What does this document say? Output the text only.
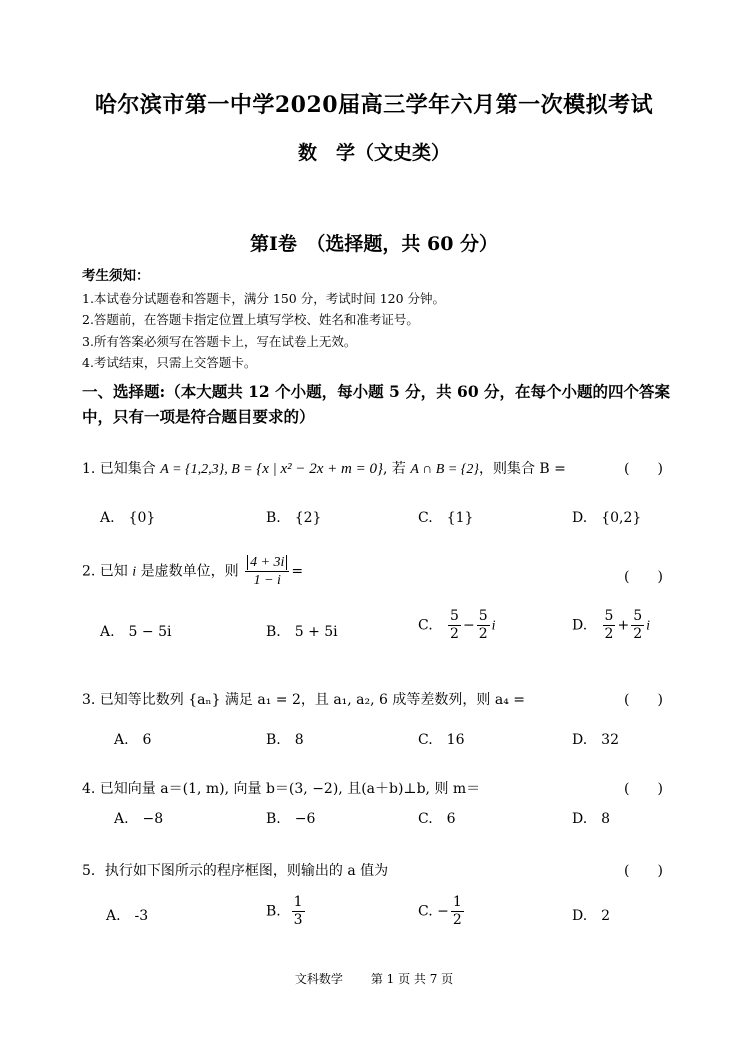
哈尔滨市第一中学2020届高三学年六月第一次模拟考试
数　学（文史类）
第Ⅰ卷　（选择题，共 60 分）
考生须知：
1.本试卷分试题卷和答题卡，满分 150 分，考试时间 120 分钟。
2.答题前，在答题卡指定位置上填写学校、姓名和准考证号。
3.所有答案必须写在答题卡上，写在试卷上无效。
4.考试结束，只需上交答题卡。
一、选择题:（本大题共 12 个小题，每小题 5 分，共 60 分，在每个小题的四个答案中，只有一项是符合题目要求的）
1. 已知集合 A = {1,2,3}, B = {x | x² − 2x + m = 0}, 若 A ∩ B = {2}，则集合 B =	(　　)
A.　{0}	B.　{2}	C.　{1}	D.　{0,2}
2. 已知 i 是虚数单位，则 $\frac{4 + 3i}{1 - i}$ =	(　　)
A.　5 − 5i	B.　5 + 5i	C. $\frac{5}{2} - \frac{5}{2}$ i	D. $\frac{5}{2} + \frac{5}{2}$ i
3. 已知等比数列 {aₙ} 满足 a₁ = 2，且 a₁, a₂, 6 成等差数列，则 a₄ =	(　　)
A.　6	B.　8	C.　16	D.　32
4. 已知向量 a＝(1, m), 向量 b＝(3, −2), 且(a＋b)⊥b, 则 m＝	(　　)
A.　−8	B.　−6	C.　6	D.　8
5．执行如下图所示的程序框图，则输出的 a 值为	(　　)
A.　-3	B. $\frac{1}{3}$	C. − $\frac{1}{2}$	D.　2
文科数学 第 1 页 共 7 页
